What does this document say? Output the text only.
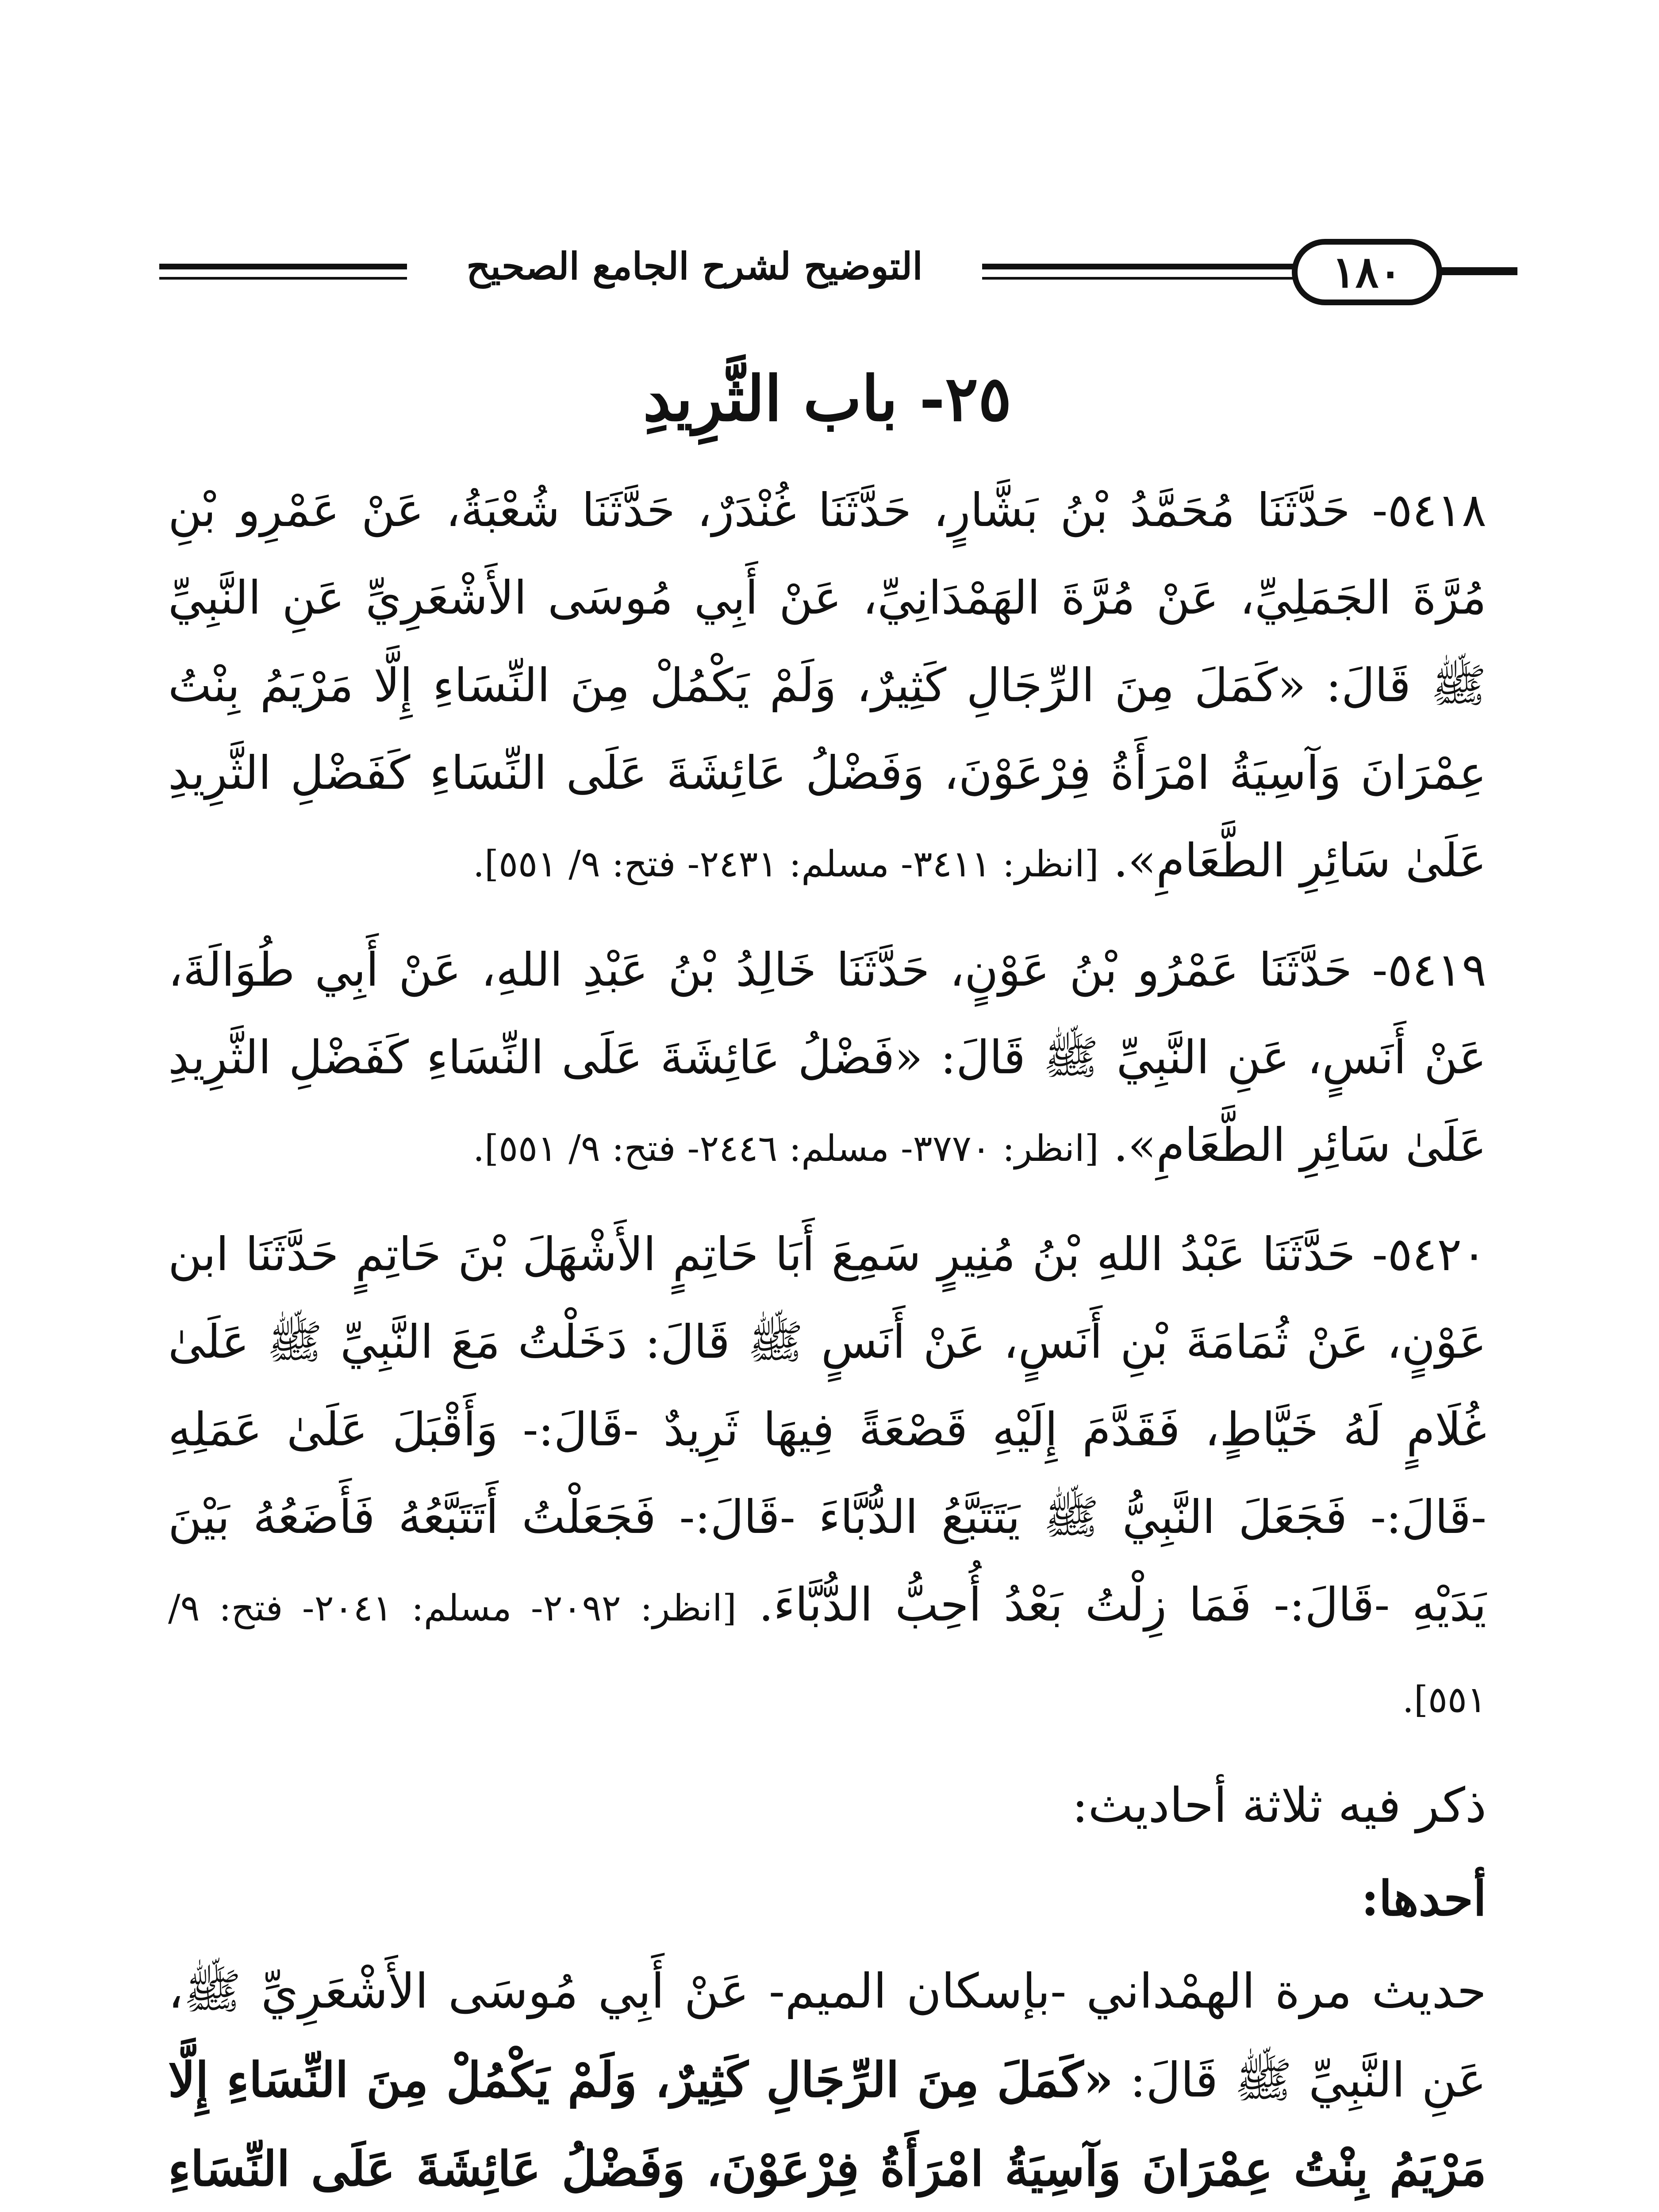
التوضيح لشرح الجامع الصحيح	١٨٠
٢٥- باب الثَّرِيدِ

٥٤١٨- حَدَّثَنَا مُحَمَّدُ بْنُ بَشَّارٍ، حَدَّثَنَا غُنْدَرٌ، حَدَّثَنَا شُعْبَةُ، عَنْ عَمْرِو بْنِ مُرَّةَ الجَمَلِيِّ، عَنْ مُرَّةَ الهَمْدَانِيِّ، عَنْ أَبِي مُوسَى الأَشْعَرِيِّ عَنِ النَّبِيِّ ﷺ قَالَ: «كَمَلَ مِنَ الرِّجَالِ كَثِيرٌ، وَلَمْ يَكْمُلْ مِنَ النِّسَاءِ إِلَّا مَرْيَمُ بِنْتُ عِمْرَانَ وَآسِيَةُ امْرَأَةُ فِرْعَوْنَ، وَفَضْلُ عَائِشَةَ عَلَى النِّسَاءِ كَفَضْلِ الثَّرِيدِ عَلَىٰ سَائِرِ الطَّعَامِ». [انظر: ٣٤١١- مسلم: ٢٤٣١- فتح: ٩/ ٥٥١].

٥٤١٩- حَدَّثَنَا عَمْرُو بْنُ عَوْنٍ، حَدَّثَنَا خَالِدُ بْنُ عَبْدِ اللهِ، عَنْ أَبِي طُوَالَةَ، عَنْ أَنَسٍ، عَنِ النَّبِيِّ ﷺ قَالَ: «فَضْلُ عَائِشَةَ عَلَى النِّسَاءِ كَفَضْلِ الثَّرِيدِ عَلَىٰ سَائِرِ الطَّعَامِ». [انظر: ٣٧٧٠- مسلم: ٢٤٤٦- فتح: ٩/ ٥٥١].

٥٤٢٠- حَدَّثَنَا عَبْدُ اللهِ بْنُ مُنِيرٍ سَمِعَ أَبَا حَاتِمٍ الأَشْهَلَ بْنَ حَاتِمٍ حَدَّثَنَا ابن عَوْنٍ، عَنْ ثُمَامَةَ بْنِ أَنَسٍ، عَنْ أَنَسٍ ﷺ قَالَ: دَخَلْتُ مَعَ النَّبِيِّ ﷺ عَلَىٰ غُلَامٍ لَهُ خَيَّاطٍ، فَقَدَّمَ إِلَيْهِ قَصْعَةً فِيهَا ثَرِيدٌ -قَالَ:- وَأَقْبَلَ عَلَىٰ عَمَلِهِ -قَالَ:- فَجَعَلَ النَّبِيُّ ﷺ يَتَتَبَّعُ الدُّبَّاءَ -قَالَ:- فَجَعَلْتُ أَتَتَبَّعُهُ فَأَضَعُهُ بَيْنَ يَدَيْهِ -قَالَ:- فَمَا زِلْتُ بَعْدُ أُحِبُّ الدُّبَّاءَ. [انظر: ٢٠٩٢- مسلم: ٢٠٤١- فتح: ٩/ ٥٥١].

ذكر فيه ثلاثة أحاديث:

أحدها:

حديث مرة الهمْداني -بإسكان الميم- عَنْ أَبِي مُوسَى الأَشْعَرِيِّ ﷺ، عَنِ النَّبِيِّ ﷺ قَالَ: «كَمَلَ مِنَ الرِّجَالِ كَثِيرٌ، وَلَمْ يَكْمُلْ مِنَ النِّسَاءِ إِلَّا مَرْيَمُ بِنْتُ عِمْرَانَ وَآسِيَةُ امْرَأَةُ فِرْعَوْنَ، وَفَضْلُ عَائِشَةَ عَلَى النِّسَاءِ
